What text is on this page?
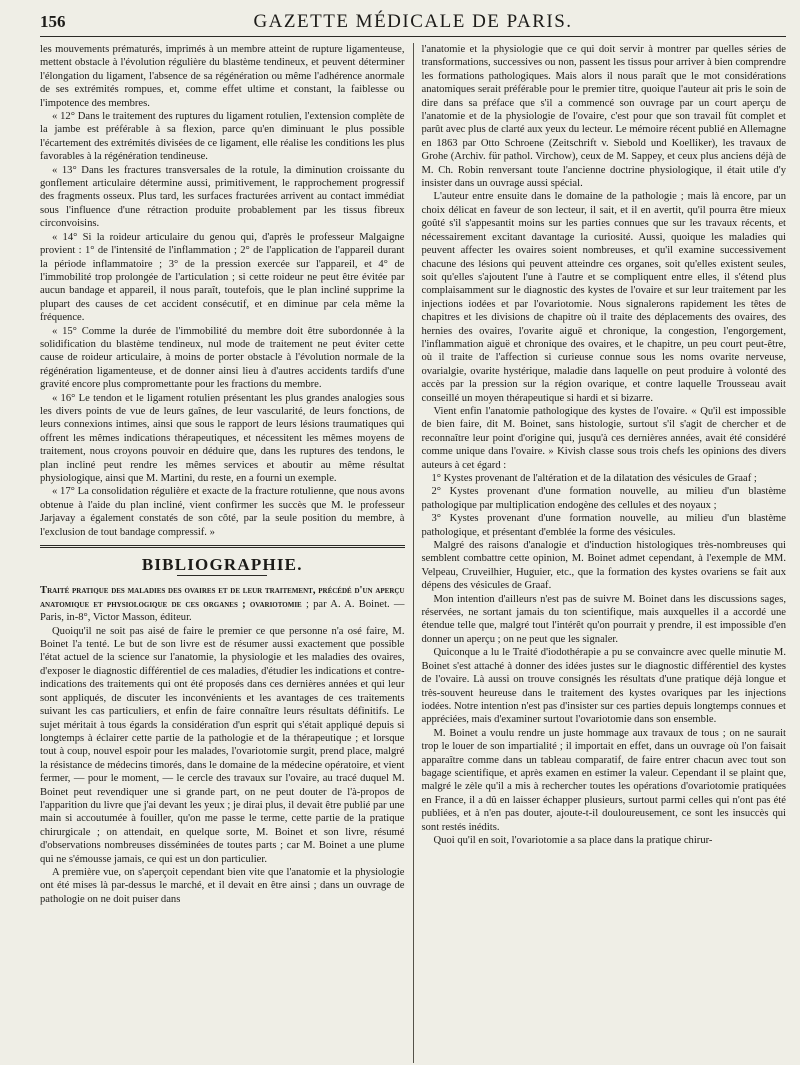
156	GAZETTE MÉDICALE DE PARIS.

les mouvements prématurés, imprimés à un membre atteint de rupture ligamenteuse, mettent obstacle à l'évolution régulière du blastème tendineux, et peuvent déterminer l'élongation du ligament, l'absence de sa régénération ou même l'adhérence anormale de ses extrémités rompues, et, comme effet ultime et constant, la faiblesse ou l'impotence des membres.

« 12° Dans le traitement des ruptures du ligament rotulien, l'extension complète de la jambe est préférable à sa flexion, parce qu'en diminuant le plus possible l'écartement des extrémités divisées de ce ligament, elle réalise les conditions les plus favorables à la régénération tendineuse.

« 13° Dans les fractures transversales de la rotule, la diminution croissante du gonflement articulaire détermine aussi, primitivement, le rapprochement progressif des fragments osseux. Plus tard, les surfaces fracturées arrivent au contact immédiat sous l'influence d'une rétraction produite probablement par les tissus fibreux circonvoisins.

« 14° Si la roideur articulaire du genou qui, d'après le professeur Malgaigne provient : 1° de l'intensité de l'inflammation ; 2° de l'application de l'appareil durant la période inflammatoire ; 3° de la pression exercée sur l'appareil, et 4° de l'immobilité trop prolongée de l'articulation ; si cette roideur ne peut être évitée par aucun bandage et appareil, il nous paraît, toutefois, que le plan incliné supprime la plupart des causes de cet accident consécutif, et en diminue par cela même la fréquence.

« 15° Comme la durée de l'immobilité du membre doit être subordonnée à la solidification du blastème tendineux, nul mode de traitement ne peut éviter cette cause de roideur articulaire, à moins de porter obstacle à l'évolution normale de la régénération ligamenteuse, et de donner ainsi lieu à d'autres accidents tardifs d'une gravité encore plus compromettante pour les fractions du membre.

« 16° Le tendon et le ligament rotulien présentant les plus grandes analogies sous les divers points de vue de leurs gaînes, de leur vascularité, de leurs fonctions, de leurs connexions intimes, ainsi que sous le rapport de leurs lésions traumatiques qui offrent les mêmes indications thérapeutiques, et nécessitent les mêmes moyens de traitement, nous croyons pouvoir en déduire que, dans les ruptures des tendons, le plan incliné peut rendre les mêmes services et aboutir au même résultat physiologique, ainsi que M. Martini, du reste, en a fourni un exemple.

« 17° La consolidation régulière et exacte de la fracture rotulienne, que nous avons obtenue à l'aide du plan incliné, vient confirmer les succès que M. le professeur Jarjavay a également constatés de son côté, par la seule position du membre, à l'exclusion de tout bandage compressif. »

BIBLIOGRAPHIE.

Traité pratique des maladies des ovaires et de leur traitement, précédé d'un aperçu anatomique et physiologique de ces organes ; ovariotomie ; par A. A. Boinet. — Paris, in-8°, Victor Masson, éditeur.

Quoiqu'il ne soit pas aisé de faire le premier ce que personne n'a osé faire, M. Boinet l'a tenté. Le but de son livre est de résumer aussi exactement que possible l'état actuel de la science sur l'anatomie, la physiologie et les maladies des ovaires, d'exposer le diagnostic différentiel de ces maladies, d'étudier les indications et contre-indications des traitements qui ont été proposés dans ces dernières années et qui leur sont appliqués, de discuter les inconvénients et les avantages de ces traitements suivant les cas particuliers, et enfin de faire connaître leurs résultats définitifs. Le sujet méritait à tous égards la considération d'un esprit qui s'était appliqué depuis si longtemps à éclairer cette partie de la pathologie et de la thérapeutique ; et lorsque tout à coup, nouvel espoir pour les malades, l'ovariotomie surgit, prend place, malgré la résistance de médecins timorés, dans le domaine de la médecine opératoire, et vient fermer, — pour le moment, — le cercle des travaux sur l'ovaire, au tracé duquel M. Boinet peut revendiquer une si grande part, on ne peut douter de l'à-propos de l'apparition du livre que j'ai devant les yeux ; je dirai plus, il devait être publié par une main si accoutumée à fouiller, qu'on me passe le terme, cette partie de la pratique chirurgicale ; on attendait, en quelque sorte, M. Boinet et son livre, résumé d'observations nombreuses disséminées de toutes parts ; car M. Boinet a une plume qui ne s'émousse jamais, ce qui est un don particulier.

A première vue, on s'aperçoit cependant bien vite que l'anatomie et la physiologie ont été mises là par-dessus le marché, et il devait en être ainsi ; dans un ouvrage de pathologie on ne doit puiser dans

l'anatomie et la physiologie que ce qui doit servir à montrer par quelles séries de transformations, successives ou non, passent les tissus pour arriver à bien comprendre les formations pathologiques. Mais alors il nous paraît que le mot considérations anatomiques serait préférable pour le premier titre, quoique l'auteur ait pris le soin de dire dans sa préface que s'il a commencé son ouvrage par un court aperçu de l'anatomie et de la physiologie de l'ovaire, c'est pour que son travail fût complet et parût avec plus de clarté aux yeux du lecteur. Le mémoire récent publié en Allemagne en 1863 par Otto Schroene (Zeitschrift v. Siebold und Koelliker), les travaux de Grohe (Archiv. für pathol. Virchow), ceux de M. Sappey, et ceux plus anciens déjà de M. Ch. Robin renversant toute l'ancienne doctrine physiologique, il était utile d'y insister dans un ouvrage aussi spécial.

L'auteur entre ensuite dans le domaine de la pathologie ; mais là encore, par un choix délicat en faveur de son lecteur, il sait, et il en avertit, qu'il pourra être mieux goûté s'il s'appesantit moins sur les parties connues que sur les travaux récents, et nécessairement excitant davantage la curiosité. Aussi, quoique les maladies qui peuvent affecter les ovaires soient nombreuses, et qu'il examine successivement chacune des lésions qui peuvent atteindre ces organes, soit qu'elles existent seules, soit qu'elles s'ajoutent l'une à l'autre et se compliquent entre elles, il s'étend plus complaisamment sur le diagnostic des kystes de l'ovaire et sur leur traitement par les injections iodées et par l'ovariotomie. Nous signalerons rapidement les têtes de chapitres et les divisions de chapitre où il traite des déplacements des ovaires, des hernies des ovaires, l'ovarite aiguë et chronique, la congestion, l'engorgement, l'inflammation aiguë et chronique des ovaires, et le chapitre, un peu court peut-être, où il traite de l'affection si curieuse connue sous les noms ovarite nerveuse, ovarialgie, ovarite hystérique, maladie dans laquelle on peut produire à volonté des accès par la pression sur la région ovarique, et contre laquelle Trousseau avait conseillé un moyen thérapeutique si hardi et si bizarre.

Vient enfin l'anatomie pathologique des kystes de l'ovaire. « Qu'il est impossible de bien faire, dit M. Boinet, sans histologie, surtout s'il s'agit de chercher et de reconnaître leur point d'origine qui, jusqu'à ces dernières années, avait été considéré comme unique dans l'ovaire. » Kivish classe sous trois chefs les opinions des divers auteurs à cet égard :

1° Kystes provenant de l'altération et de la dilatation des vésicules de Graaf ;

2° Kystes provenant d'une formation nouvelle, au milieu d'un blastème pathologique par multiplication endogène des cellules et des noyaux ;

3° Kystes provenant d'une formation nouvelle, au milieu d'un blastème pathologique, et présentant d'emblée la forme des vésicules.

Malgré des raisons d'analogie et d'induction histologiques très-nombreuses qui semblent combattre cette opinion, M. Boinet admet cependant, à l'exemple de MM. Velpeau, Cruveilhier, Huguier, etc., que la formation des kystes ovariens se fait aux dépens des vésicules de Graaf.

Mon intention d'ailleurs n'est pas de suivre M. Boinet dans les discussions sages, réservées, ne sortant jamais du ton scientifique, mais auxquelles il a accordé une étendue telle que, malgré tout l'intérêt qu'on pourrait y prendre, il est impossible d'en donner un aperçu ; on ne peut que les signaler.

Quiconque a lu le Traité d'iodothérapie a pu se convaincre avec quelle minutie M. Boinet s'est attaché à donner des idées justes sur le diagnostic différentiel des kystes de l'ovaire. Là aussi on trouve consignés les résultats d'une pratique déjà longue et très-souvent heureuse dans le traitement des kystes ovariques par les injections iodées. Notre intention n'est pas d'insister sur ces parties depuis longtemps connues et appréciées, mais d'examiner surtout l'ovariotomie dans son ensemble.

M. Boinet a voulu rendre un juste hommage aux travaux de tous ; on ne saurait trop le louer de son impartialité ; il importait en effet, dans un ouvrage où l'on faisait apparaître comme dans un tableau comparatif, de faire entrer chacun avec tout son bagage scientifique, et après examen en estimer la valeur. Cependant il se plaint que, malgré le zèle qu'il a mis à rechercher toutes les opérations d'ovariotomie pratiquées en France, il a dû en laisser échapper plusieurs, surtout parmi celles qui n'ont pas été publiées, et à n'en pas douter, ajoute-t-il douloureusement, ce sont les insuccès qui sont restés inédits.

Quoi qu'il en soit, l'ovariotomie a sa place dans la pratique chirur-
